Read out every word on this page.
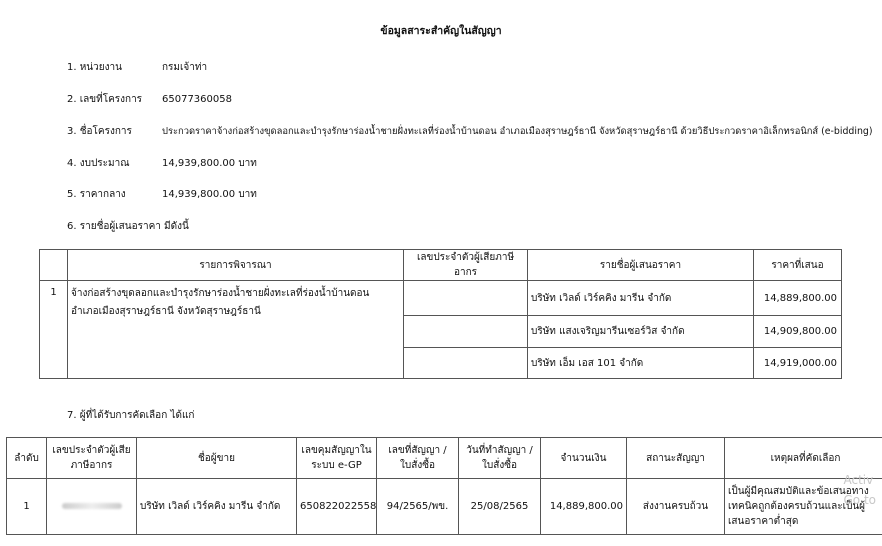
ข้อมูลสาระสำคัญในสัญญา
1. หน่วยงาน	กรมเจ้าท่า
2. เลขที่โครงการ 65077360058
3. ชื่อโครงการ	ประกวดราคาจ้างก่อสร้างขุดลอกและบำรุงรักษาร่องน้ำชายฝั่งทะเลที่ร่องน้ำบ้านดอน อำเภอเมืองสุราษฎร์ธานี จังหวัดสุราษฎร์ธานี ด้วยวิธีประกวดราคาอิเล็กทรอนิกส์ (e-bidding)
4. งบประมาณ	14,939,800.00 บาท
5. ราคากลาง	14,939,800.00 บาท
6. รายชื่อผู้เสนอราคา มีดังนี้
	รายการพิจารณา	เลขประจำตัวผู้เสียภาษีอากร	รายชื่อผู้เสนอราคา	ราคาที่เสนอ
1	จ้างก่อสร้างขุดลอกและบำรุงรักษาร่องน้ำชายฝั่งทะเลที่ร่องน้ำบ้านดอน อำเภอเมืองสุราษฎร์ธานี จังหวัดสุราษฎร์ธานี		บริษัท เวิลด์ เวิร์คคิง มารีน จำกัด	14,889,800.00
			บริษัท แสงเจริญมารีนเซอร์วิส จำกัด	14,909,800.00
			บริษัท เอ็ม เอส 101 จำกัด	14,919,000.00
7. ผู้ที่ได้รับการคัดเลือก ได้แก่
ลำดับ	เลขประจำตัวผู้เสียภาษีอากร	ชื่อผู้ขาย	เลขคุมสัญญาในระบบ e-GP	เลขที่สัญญา / ใบสั่งซื้อ	วันที่ทำสัญญา / ใบสั่งซื้อ	จำนวนเงิน	สถานะสัญญา	เหตุผลที่คัดเลือก
1		บริษัท เวิลด์ เวิร์คคิง มารีน จำกัด	650822022558	94/2565/พข.	25/08/2565	14,889,800.00	ส่งงานครบถ้วน	เป็นผู้มีคุณสมบัติและข้อเสนอทางเทคนิคถูกต้องครบถ้วนและเป็นผู้เสนอราคาต่ำสุด
Activ
Go to
